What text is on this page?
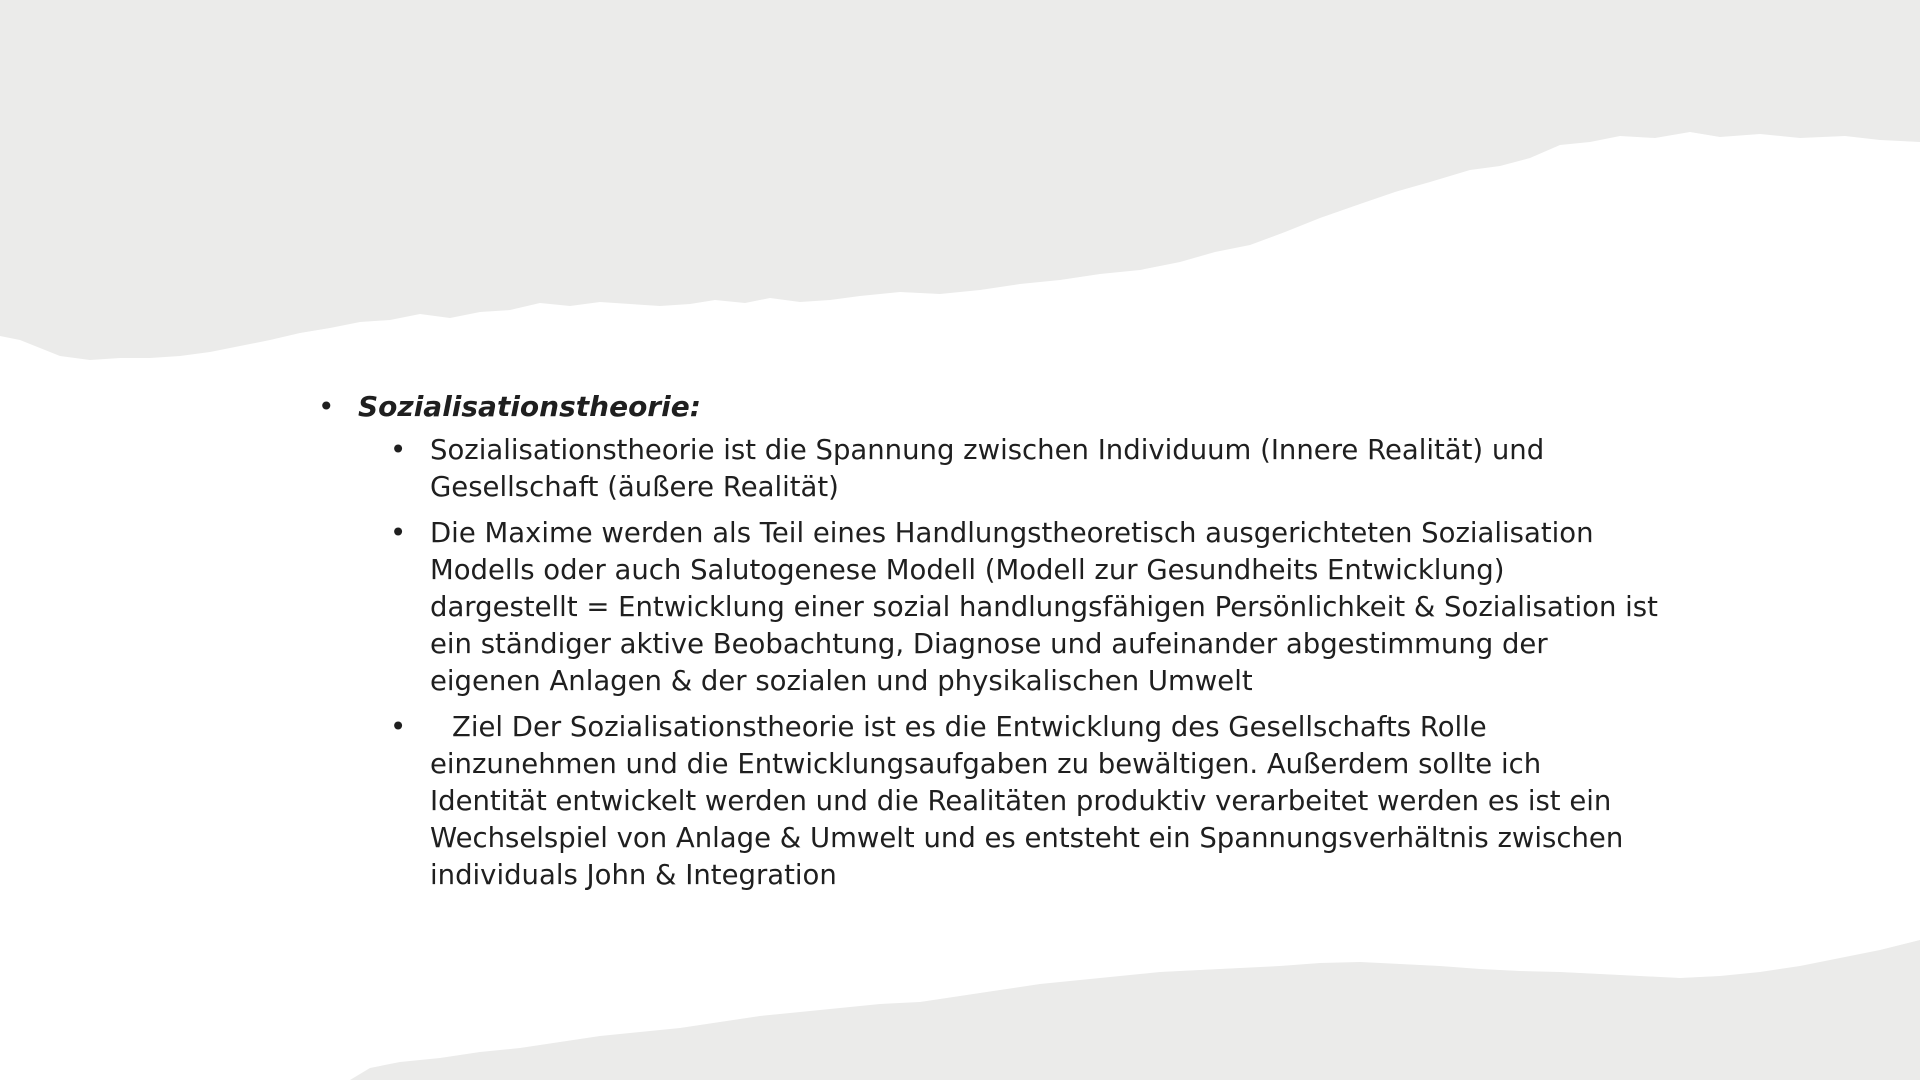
• Sozialisationstheorie:
• Sozialisationstheorie ist die Spannung zwischen Individuum (Innere Realität) und Gesellschaft (äußere Realität)
• Die Maxime werden als Teil eines Handlungstheoretisch ausgerichteten Sozialisation Modells oder auch Salutogenese Modell (Modell zur Gesundheits Entwicklung) dargestellt = Entwicklung einer sozial handlungsfähigen Persönlichkeit & Sozialisation ist ein ständiger aktive Beobachtung, Diagnose und aufeinander abgestimmung der eigenen Anlagen & der sozialen und physikalischen Umwelt
•	Ziel Der Sozialisationstheorie ist es die Entwicklung des Gesellschafts Rolle einzunehmen und die Entwicklungsaufgaben zu bewältigen. Außerdem sollte ich Identität entwickelt werden und die Realitäten produktiv verarbeitet werden es ist ein Wechselspiel von Anlage & Umwelt und es entsteht ein Spannungsverhältnis zwischen individuals John & Integration
